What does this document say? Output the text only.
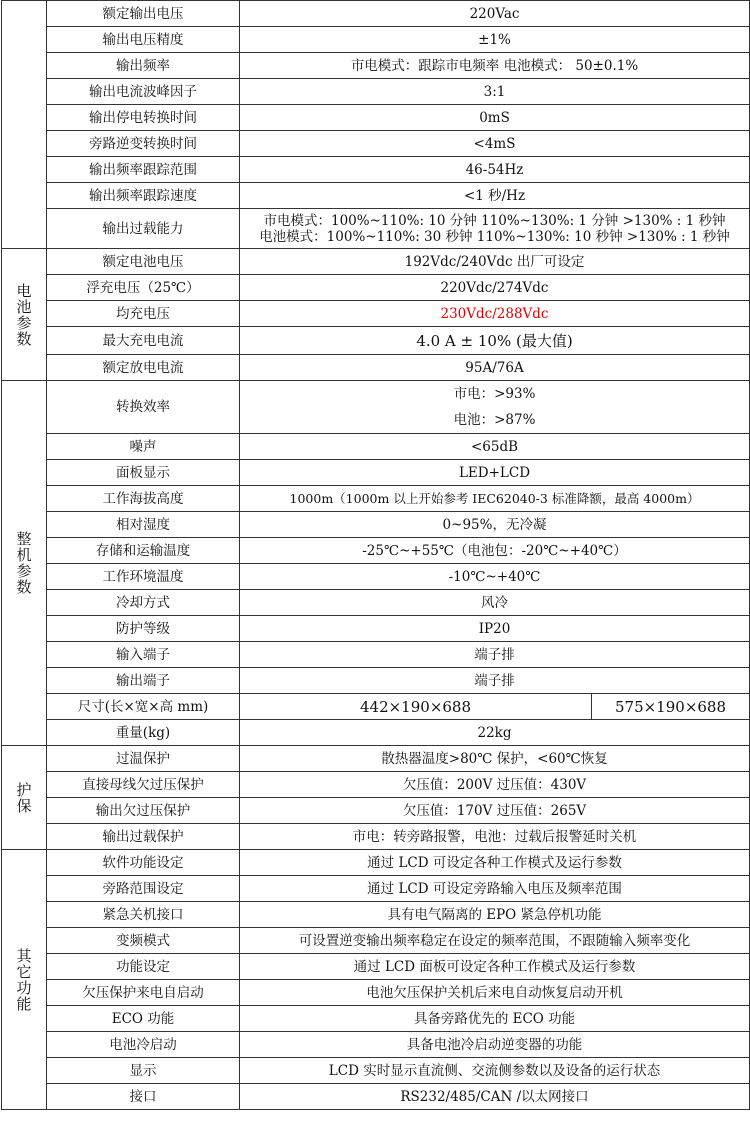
	额定输出电压	220Vac	
	输出电压精度	±1%	
	输出频率	市电模式：跟踪市电频率 电池模式： 50±0.1%	
	输出电流波峰因子	3:1	
	输出停电转换时间	0mS	
	旁路逆变转换时间	<4mS	
	输出频率跟踪范围	46-54Hz	
	输出频率跟踪速度	<1 秒/Hz	
	输出过载能力	市电模式：100%~110%: 10 分钟 110%~130%: 1 分钟 >130% : 1 秒钟
电池模式：100%~110%: 30 秒钟 110%~130%: 10 秒钟 >130% : 1 秒钟	

电
池
参
数	额定电池电压	192Vdc/240Vdc 出厂可设定	
	浮充电压（25℃）	220Vdc/274Vdc	
	均充电压	230Vdc/288Vdc	
	最大充电电流	4.0 A ± 10% (最大值)	
	额定放电电流	95A/76A	

整
机
参
数	转换效率	市电：>93%
电池：>87%	

	噪声	<65dB	
	面板显示	LED+LCD	
	工作海拔高度	1000m（1000m 以上开始参考 IEC62040-3 标准降额，最高 4000m）	
	相对湿度	0~95%，无冷凝	
	存储和运输温度	-25℃~+55℃（电池包：-20℃~+40℃）	
	工作环境温度	-10℃~+40℃	
	冷却方式	风冷	
	防护等级	IP20	
	输入端子	端子排	
	输出端子	端子排	
	尺寸(长×宽×高 mm)	442×190×688	575×190×688
	重量(kg)	22kg	

护
保	过温保护	散热器温度>80℃ 保护，<60℃恢复	
	直接母线欠过压保护	欠压值：200V 过压值：430V	
	输出欠过压保护	欠压值：170V 过压值：265V	
	输出过载保护	市电：转旁路报警，电池：过载后报警延时关机	

其
它
功
能	软件功能设定	通过 LCD 可设定各种工作模式及运行参数	
	旁路范围设定	通过 LCD 可设定旁路输入电压及频率范围	
	紧急关机接口	具有电气隔离的 EPO 紧急停机功能	
	变频模式	可设置逆变输出频率稳定在设定的频率范围，不跟随输入频率变化	
	功能设定	通过 LCD 面板可设定各种工作模式及运行参数	
	欠压保护来电自启动	电池欠压保护关机后来电自动恢复启动开机	
	ECO 功能	具备旁路优先的 ECO 功能	
	电池冷启动	具备电池冷启动逆变器的功能	
	显示	LCD 实时显示直流侧、交流侧参数以及设备的运行状态	
	接口	RS232/485/CAN /以太网接口	
